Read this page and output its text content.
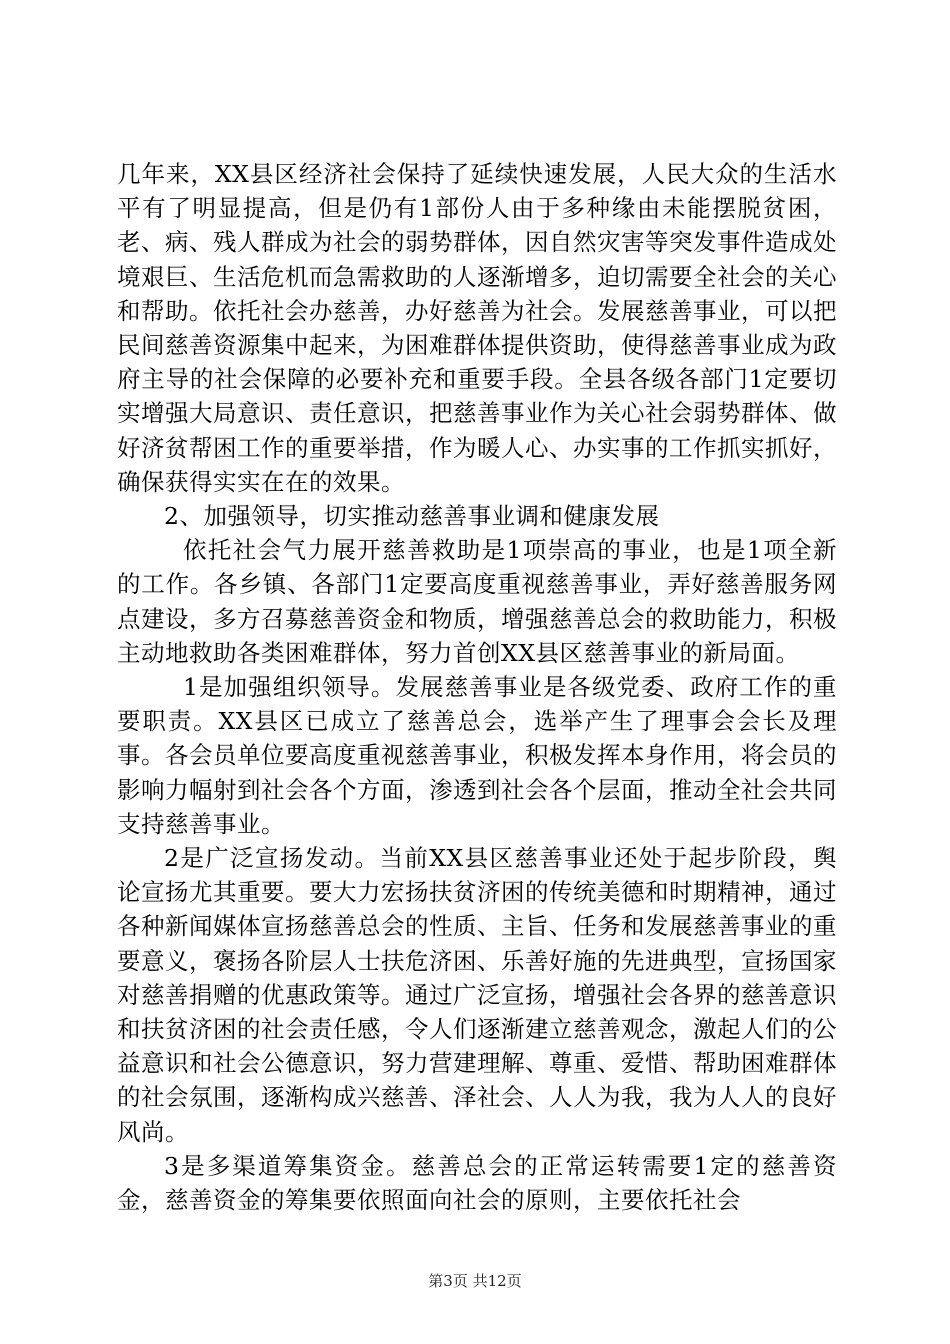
几年来，XX县区经济社会保持了延续快速发展，人民大众的生活水平有了明显提高，但是仍有1部份人由于多种缘由未能摆脱贫困，老、病、残人群成为社会的弱势群体，因自然灾害等突发事件造成处境艰巨、生活危机而急需救助的人逐渐增多，迫切需要全社会的关心和帮助。依托社会办慈善，办好慈善为社会。发展慈善事业，可以把民间慈善资源集中起来，为困难群体提供资助，使得慈善事业成为政府主导的社会保障的必要补充和重要手段。全县各级各部门1定要切实增强大局意识、责任意识，把慈善事业作为关心社会弱势群体、做好济贫帮困工作的重要举措，作为暖人心、办实事的工作抓实抓好，确保获得实实在在的效果。

2、加强领导，切实推动慈善事业调和健康发展

依托社会气力展开慈善救助是1项崇高的事业，也是1项全新的工作。各乡镇、各部门1定要高度重视慈善事业，弄好慈善服务网点建设，多方召募慈善资金和物质，增强慈善总会的救助能力，积极主动地救助各类困难群体，努力首创XX县区慈善事业的新局面。

1是加强组织领导。发展慈善事业是各级党委、政府工作的重要职责。XX县区已成立了慈善总会，选举产生了理事会会长及理事。各会员单位要高度重视慈善事业，积极发挥本身作用，将会员的影响力幅射到社会各个方面，渗透到社会各个层面，推动全社会共同支持慈善事业。

2是广泛宣扬发动。当前XX县区慈善事业还处于起步阶段，舆论宣扬尤其重要。要大力宏扬扶贫济困的传统美德和时期精神，通过各种新闻媒体宣扬慈善总会的性质、主旨、任务和发展慈善事业的重要意义，褒扬各阶层人士扶危济困、乐善好施的先进典型，宣扬国家对慈善捐赠的优惠政策等。通过广泛宣扬，增强社会各界的慈善意识和扶贫济困的社会责任感，令人们逐渐建立慈善观念，激起人们的公益意识和社会公德意识，努力营建理解、尊重、爱惜、帮助困难群体的社会氛围，逐渐构成兴慈善、泽社会、人人为我，我为人人的良好风尚。

3是多渠道筹集资金。慈善总会的正常运转需要1定的慈善资金，慈善资金的筹集要依照面向社会的原则，主要依托社会

第3页 共12页
